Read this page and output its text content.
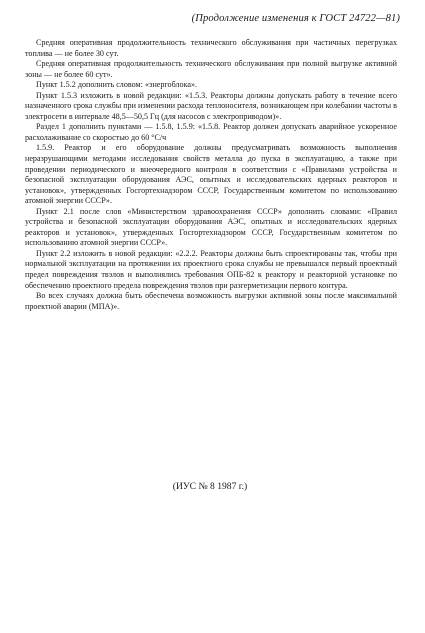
(Продолжение изменения к ГОСТ 24722—81)

Средняя оперативная продолжительность технического обслуживания при частичных перегрузках топлива — не более 30 сут.

Средняя оперативная продолжительность технического обслуживания при полной выгрузке активной зоны — не более 60 сут».

Пункт 1.5.2 дополнить словом: «энергоблока».

Пункт 1.5.3 изложить в новой редакции: «1.5.3. Реакторы должны допускать работу в течение всего назначенного срока службы при изменении расхода теплоносителя, возникающем при колебании частоты в электросети в интервале 48,5—50,5 Гц (для насосов с электроприводом)».

Раздел 1 дополнить пунктами — 1.5.8, 1.5.9: «1.5.8. Реактор должен допускать аварийное ускоренное расхолаживание со скоростью до 60 °С/ч

1.5.9. Реактор и его оборудование должны предусматривать возможность выполнения неразрушающими методами исследования свойств металла до пуска в эксплуатацию, а также при проведении периодического и внеочередного контроля в соответствии с «Правилами устройства и безопасной эксплуатации оборудования АЭС, опытных и исследовательских ядерных реакторов и установок», утвержденных Госгортехнадзором СССР, Государственным комитетом по использованию атомной энергии СССР».

Пункт 2.1 после слов «Министерством здравоохранения СССР» дополнить словами: «Правил устройства и безопасной эксплуатации оборудования АЭС, опытных и исследовательских ядерных реакторов и установок», утвержденных Госгортехнадзором СССР, Государственным комитетом по использованию атомной энергии СССР».

Пункт 2.2 изложить в новой редакции: «2.2.2. Реакторы должны быть спроектированы так, чтобы при нормальной эксплуатации на протяжении их проектного срока службы не превышался первый проектный предел повреждения твэлов и выполнялись требования ОПБ-82 к реактору и реакторной установке по обеспечению проектного предела повреждения твэлов при разгерметизации первого контура.

Во всех случаях должна быть обеспечена возможность выгрузки активной зоны после максимальной проектной аварии (МПА)».

(ИУС № 8 1987 г.)
